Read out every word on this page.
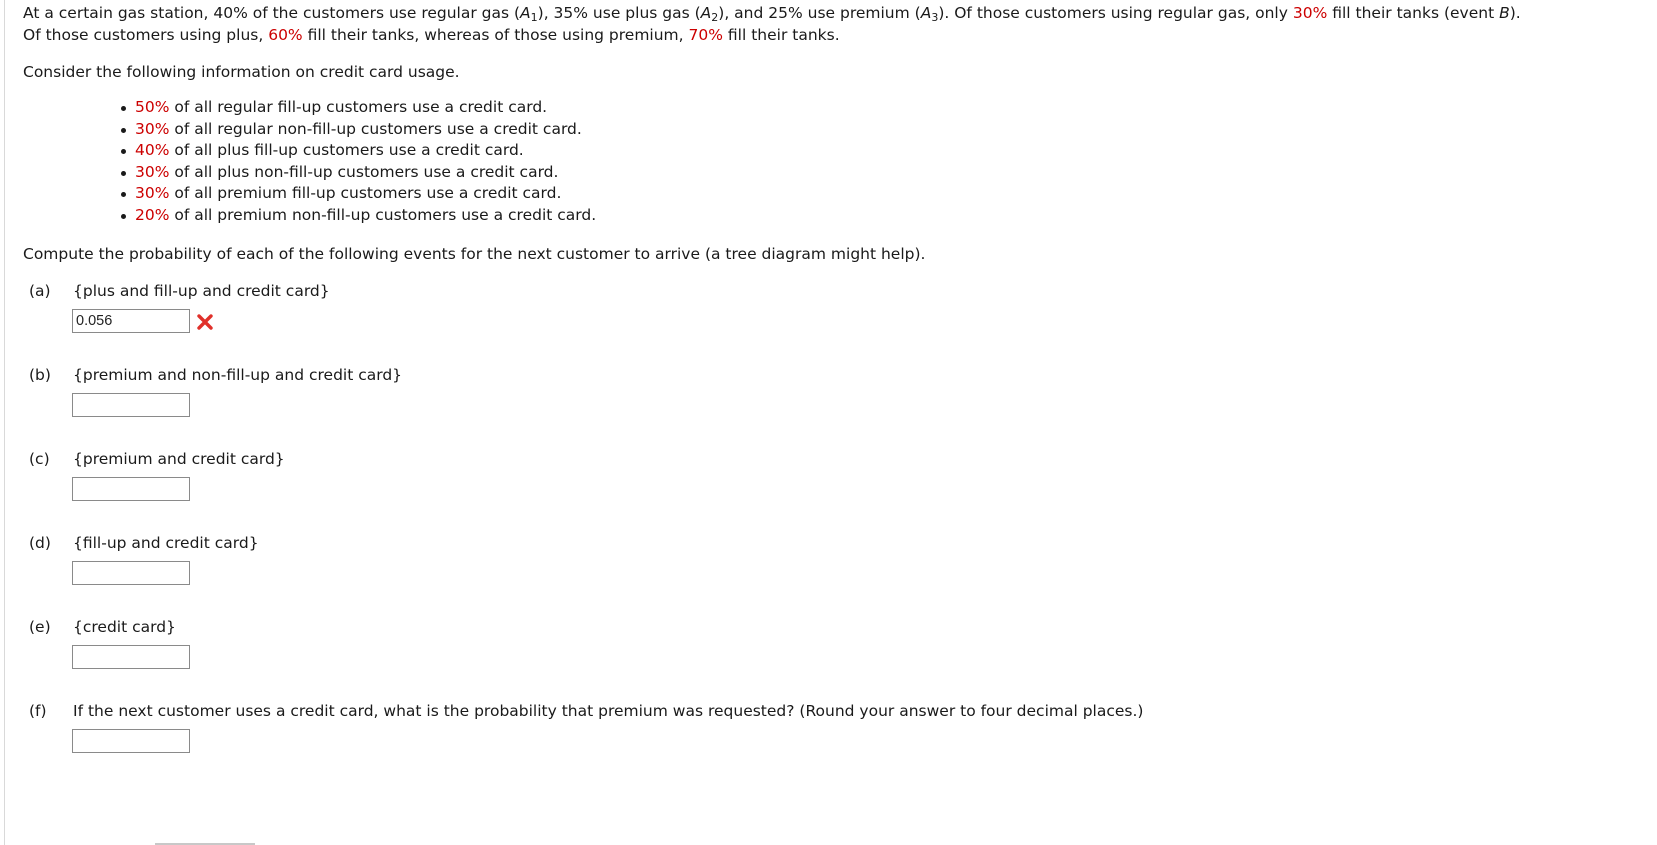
At a certain gas station, 40% of the customers use regular gas $(A_1)$, 35% use plus gas $(A_2)$, and 25% use premium $(A_3)$. Of those customers using regular gas, only 30% fill their tanks (event B).
Of those customers using plus, 60% fill their tanks, whereas of those using premium, 70% fill their tanks.
Consider the following information on credit card usage.
50% of all regular fill-up customers use a credit card.
30% of all regular non-fill-up customers use a credit card.
40% of all plus fill-up customers use a credit card.
30% of all plus non-fill-up customers use a credit card.
30% of all premium fill-up customers use a credit card.
20% of all premium non-fill-up customers use a credit card.
Compute the probability of each of the following events for the next customer to arrive (a tree diagram might help).
(a) {plus and fill-up and credit card}
0.056
(b) {premium and non-fill-up and credit card}
(c) {premium and credit card}
(d) {fill-up and credit card}
(e) {credit card}
(f) If the next customer uses a credit card, what is the probability that premium was requested? (Round your answer to four decimal places.)
